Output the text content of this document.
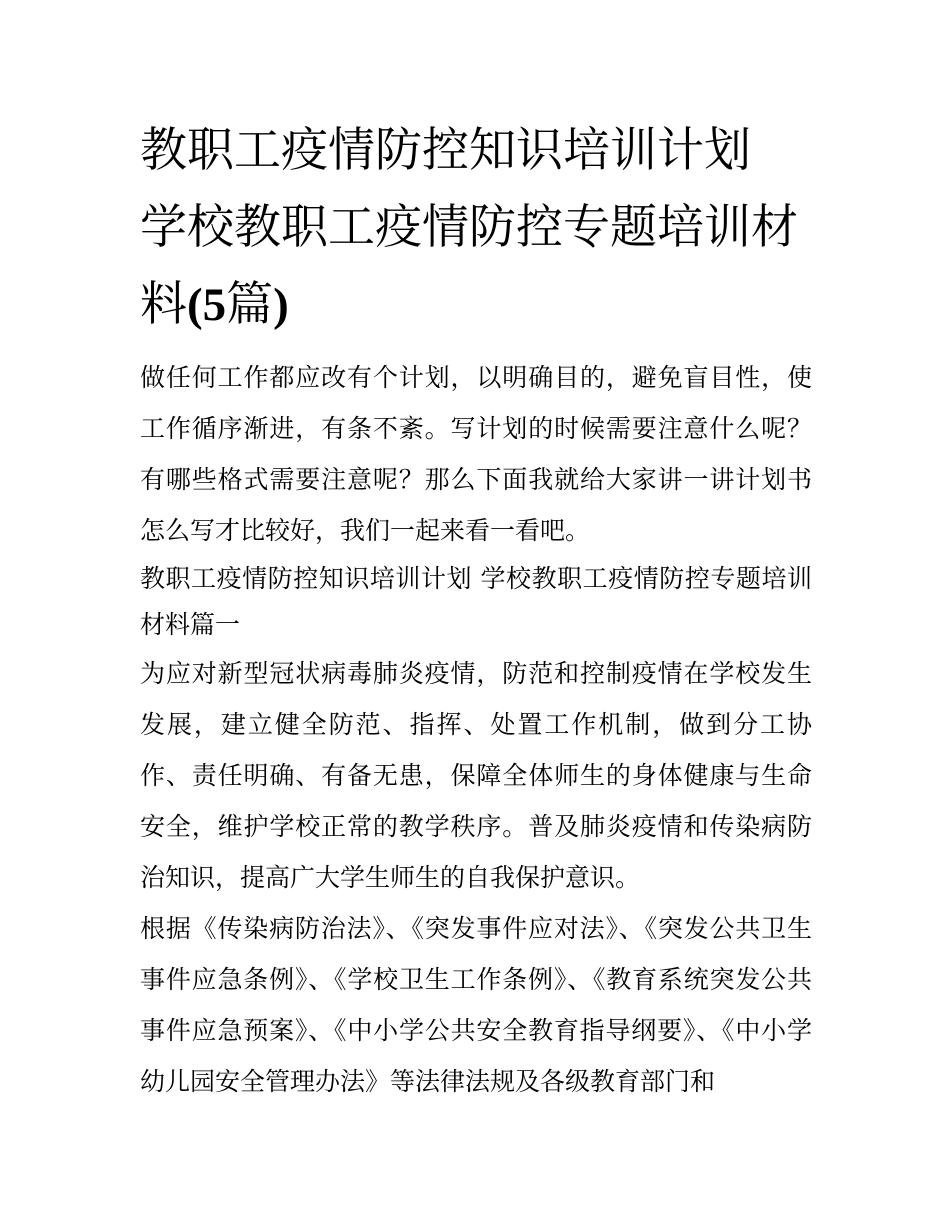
教职工疫情防控知识培训计划 学校教职工疫情防控专题培训材料(5篇)

做任何工作都应改有个计划，以明确目的，避免盲目性，使工作循序渐进，有条不紊。写计划的时候需要注意什么呢？有哪些格式需要注意呢？那么下面我就给大家讲一讲计划书怎么写才比较好，我们一起来看一看吧。

教职工疫情防控知识培训计划 学校教职工疫情防控专题培训材料篇一

为应对新型冠状病毒肺炎疫情，防范和控制疫情在学校发生发展，建立健全防范、指挥、处置工作机制，做到分工协作、责任明确、有备无患，保障全体师生的身体健康与生命安全，维护学校正常的教学秩序。普及肺炎疫情和传染病防治知识，提高广大学生师生的自我保护意识。

根据《传染病防治法》、《突发事件应对法》、《突发公共卫生事件应急条例》、《学校卫生工作条例》、《教育系统突发公共事件应急预案》、《中小学公共安全教育指导纲要》、《中小学幼儿园安全管理办法》等法律法规及各级教育部门和
